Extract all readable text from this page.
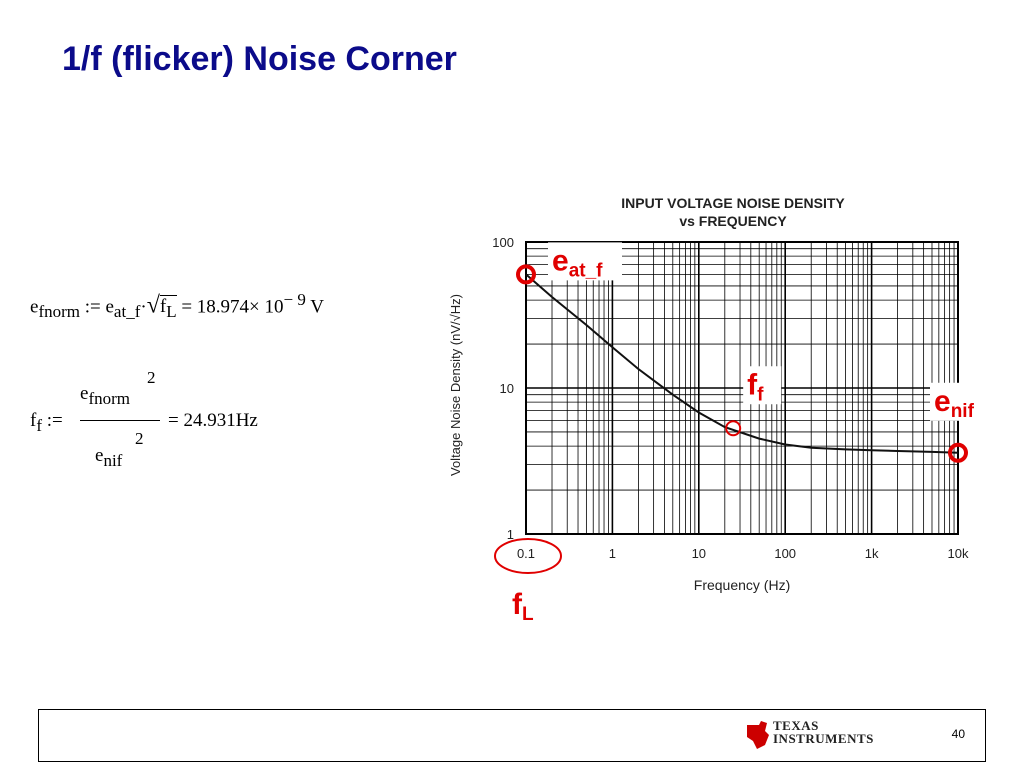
1/f (flicker) Noise Corner
$e_{fnorm}$ := $e_{at\_f}\cdot√f_L = 18.974\times 10^{- 9}$ V
$f_f$ :=
$e_{fnorm}$
2
$e_{nif}$
2
= 24.931Hz
INPUT VOLTAGE NOISE DENSITY
vs FREQUENCY
0.1	1	10	100	1k	10k
1
10
100
Frequency (Hz)
Voltage Noise Density (nV/√Hz)
$e_{at\_f}$
$f_f$	$e_{nif}$
$f_L$
TEXAS
INSTRUMENTS	40
